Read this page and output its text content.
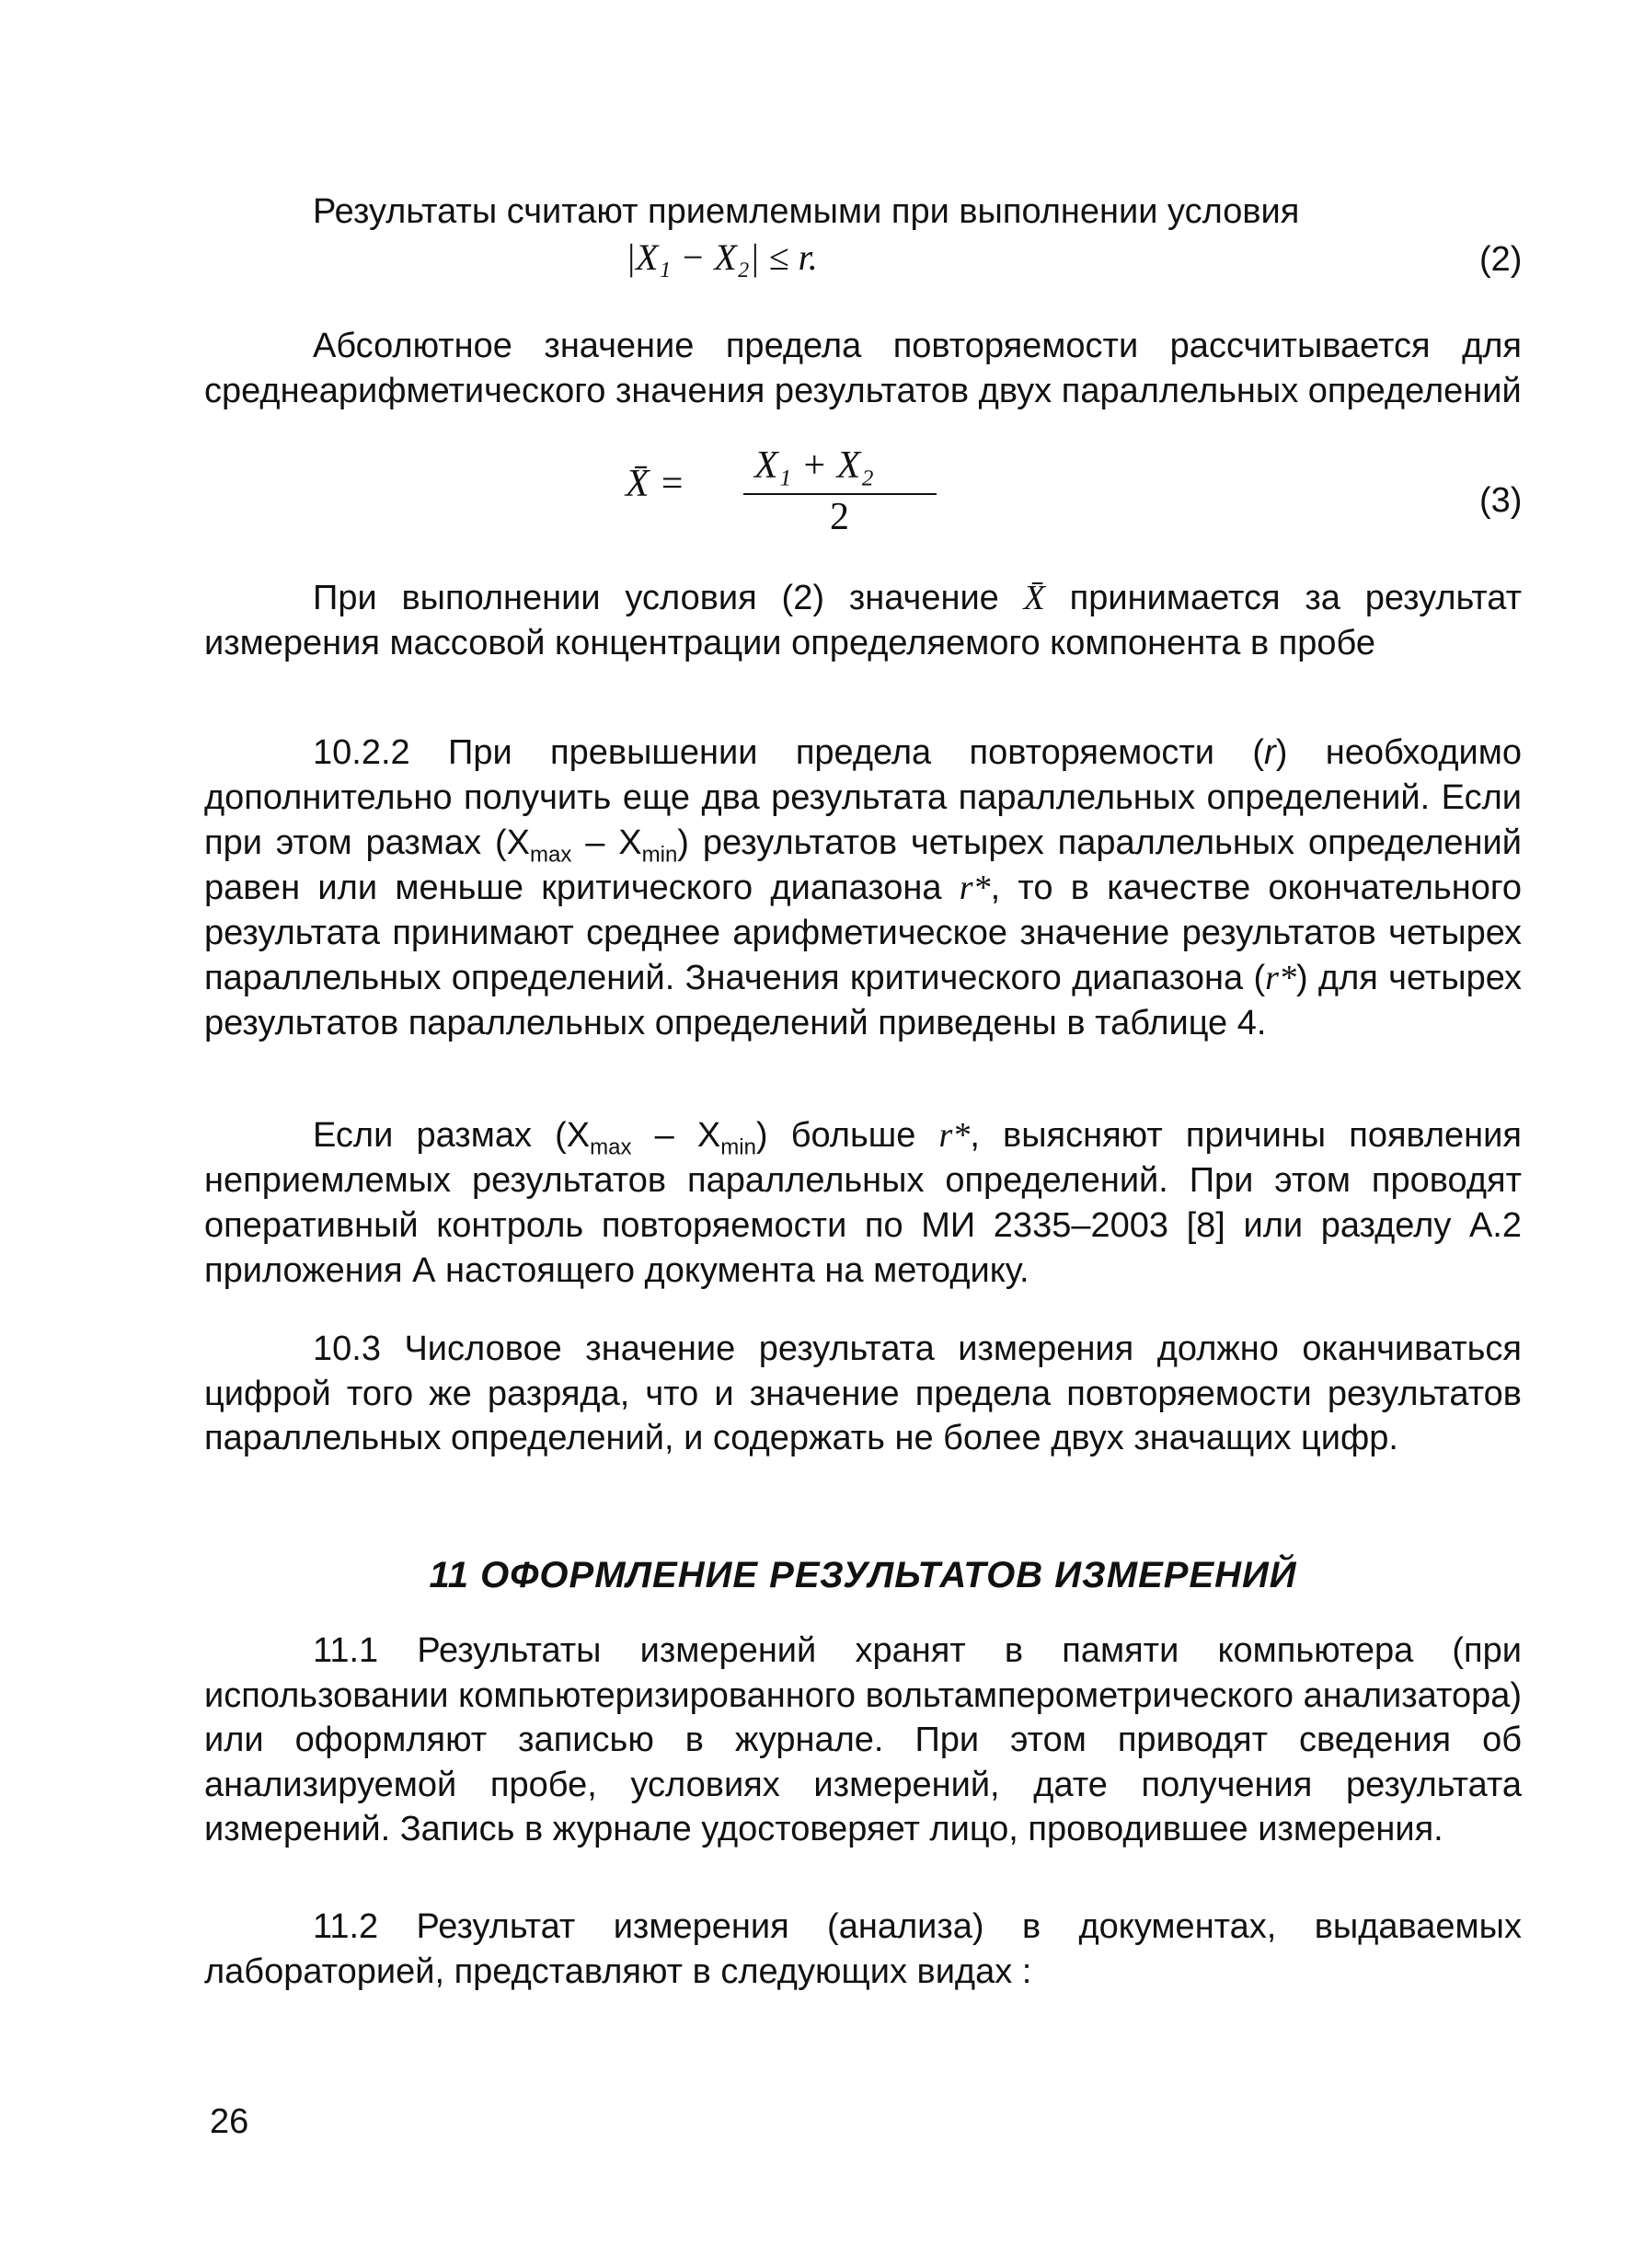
Результаты считают приемлемыми при выполнении условия

|X₁ − X₂| ≤ r.	(2)

Абсолютное значение предела повторяемости рассчитывается для среднеарифметического значения результатов двух параллельных определений

X̄ = X₁ + X₂
2	(3)

При выполнении условия (2) значение X̄ принимается за результат измерения массовой концентрации определяемого компонента в пробе

10.2.2 При превышении предела повторяемости (r) необходимо дополнительно получить еще два результата параллельных определений. Если при этом размах $(X_{max} - X_{min})$ результатов четырех параллельных определений равен или меньше критического диапазона r*, то в качестве окончательного результата принимают среднее арифметическое значение результатов четырех параллельных определений. Значения критического диапазона (r*) для четырех результатов параллельных определений приведены в таблице 4.

Если размах $(X_{max} - X_{min})$ больше r*, выясняют причины появления неприемлемых результатов параллельных определений. При этом проводят оперативный контроль повторяемости по МИ 2335–2003 [8] или разделу А.2 приложения А настоящего документа на методику.

10.3 Числовое значение результата измерения должно оканчиваться цифрой того же разряда, что и значение предела повторяемости результатов параллельных определений, и содержать не более двух значащих цифр.

11 ОФОРМЛЕНИЕ РЕЗУЛЬТАТОВ ИЗМЕРЕНИЙ

11.1 Результаты измерений хранят в памяти компьютера (при использовании компьютеризированного вольтамперометрического анализатора) или оформляют записью в журнале. При этом приводят сведения об анализируемой пробе, условиях измерений, дате получения результата измерений. Запись в журнале удостоверяет лицо, проводившее измерения.

11.2 Результат измерения (анализа) в документах, выдаваемых лабораторией, представляют в следующих видах :

26
